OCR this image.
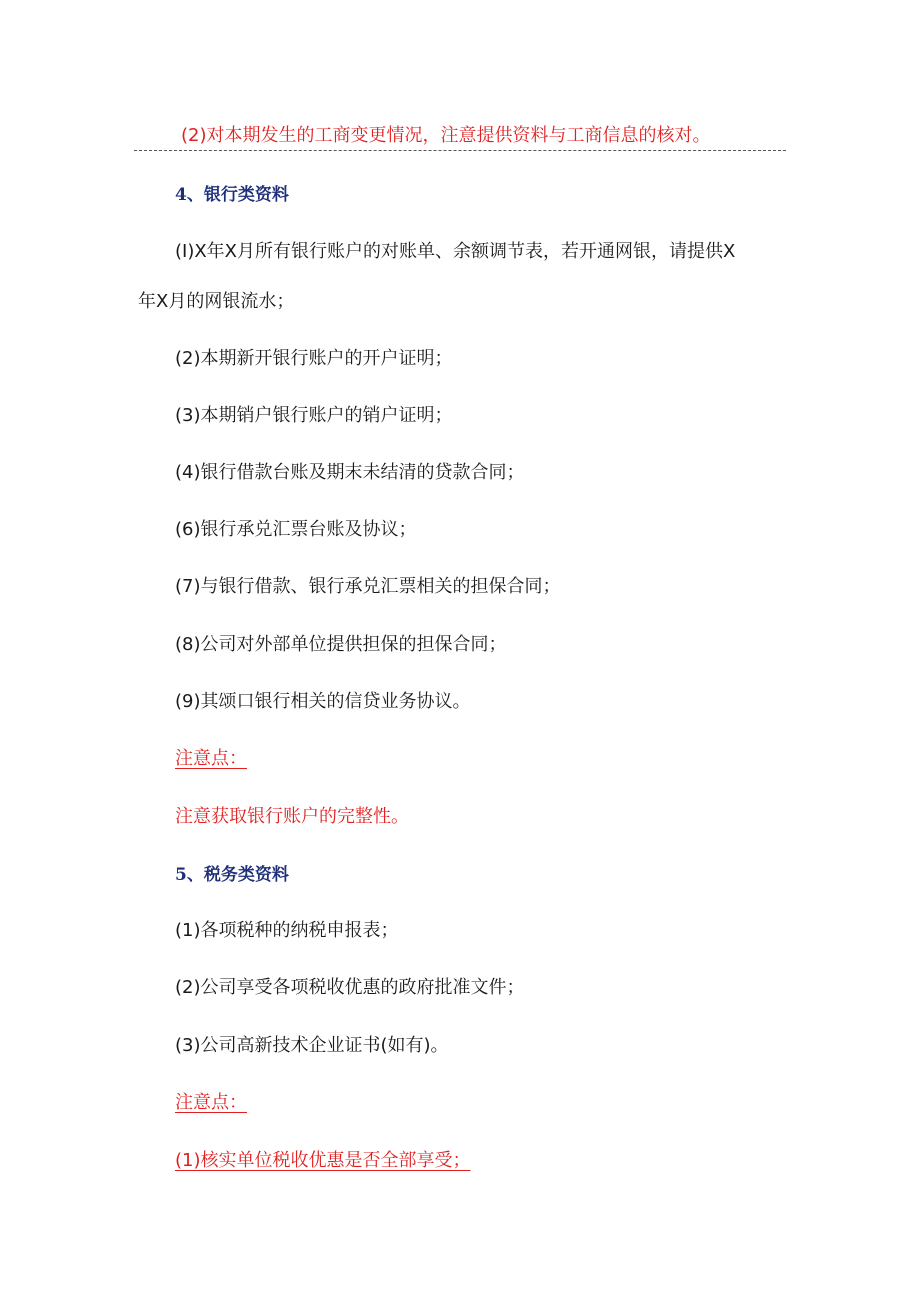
(2)对本期发生的工商变更情况，注意提供资料与工商信息的核对。
4、银行类资料
(I)X年X月所有银行账户的对账单、余额调节表，若开通网银，请提供X
年X月的网银流水；
(2)本期新开银行账户的开户证明；
(3)本期销户银行账户的销户证明；
(4)银行借款台账及期末未结清的贷款合同；
(6)银行承兑汇票台账及协议；
(7)与银行借款、银行承兑汇票相关的担保合同；
(8)公司对外部单位提供担保的担保合同；
(9)其颂口银行相关的信贷业务协议。
注意点：
注意获取银行账户的完整性。
5、税务类资料
(1)各项税种的纳税申报表；
(2)公司享受各项税收优惠的政府批准文件；
(3)公司高新技术企业证书(如有)。
注意点：
(1)核实单位税收优惠是否全部享受；
